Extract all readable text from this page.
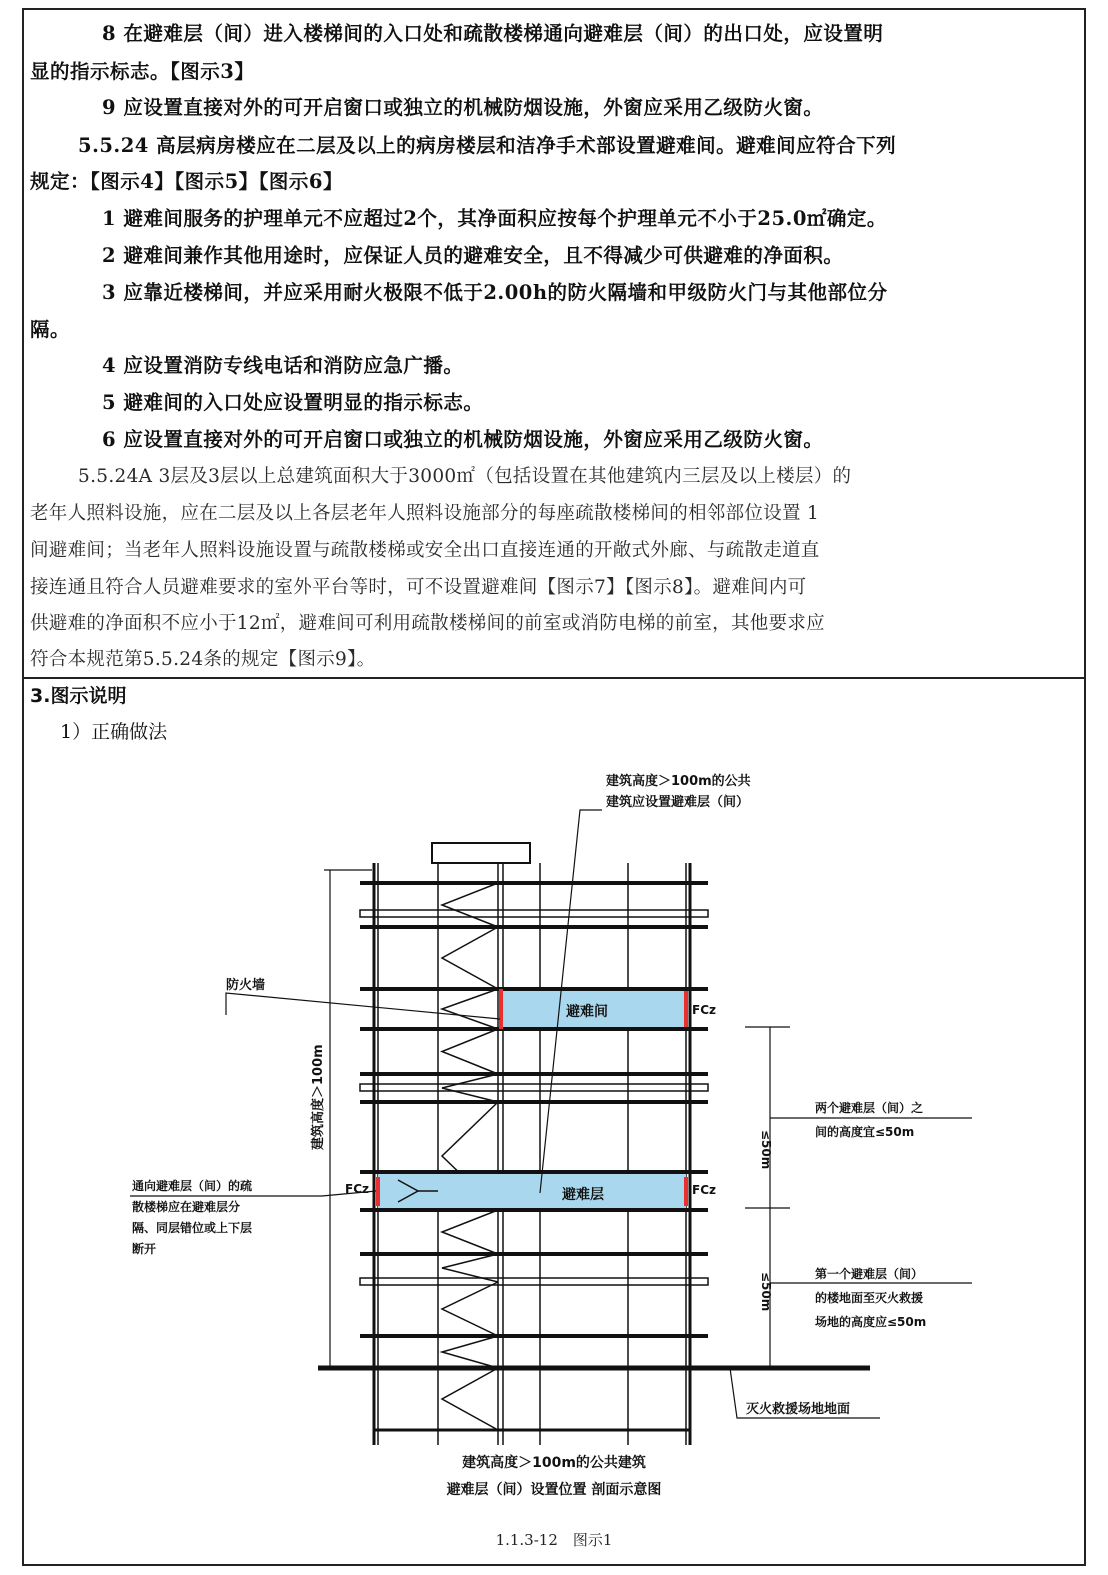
8 在避难层（间）进入楼梯间的入口处和疏散楼梯通向避难层（间）的出口处，应设置明
显的指示标志。【图示3】
9 应设置直接对外的可开启窗口或独立的机械防烟设施，外窗应采用乙级防火窗。
5.5.24 高层病房楼应在二层及以上的病房楼层和洁净手术部设置避难间。避难间应符合下列
规定：【图示4】【图示5】【图示6】
1 避难间服务的护理单元不应超过2个，其净面积应按每个护理单元不小于25.0㎡确定。
2 避难间兼作其他用途时，应保证人员的避难安全，且不得减少可供避难的净面积。
3 应靠近楼梯间，并应采用耐火极限不低于2.00h的防火隔墙和甲级防火门与其他部位分
隔。
4 应设置消防专线电话和消防应急广播。
5 避难间的入口处应设置明显的指示标志。
6 应设置直接对外的可开启窗口或独立的机械防烟设施，外窗应采用乙级防火窗。
5.5.24A 3层及3层以上总建筑面积大于3000㎡（包括设置在其他建筑内三层及以上楼层）的
老年人照料设施，应在二层及以上各层老年人照料设施部分的每座疏散楼梯间的相邻部位设置 1
间避难间；当老年人照料设施设置与疏散楼梯或安全出口直接连通的开敞式外廊、与疏散走道直
接连通且符合人员避难要求的室外平台等时，可不设置避难间【图示7】【图示8】。避难间内可
供避难的净面积不应小于12㎡，避难间可利用疏散楼梯间的前室或消防电梯的前室，其他要求应
符合本规范第5.5.24条的规定【图示9】。
3.图示说明
1）正确做法
建筑高度＞100m	≤50m
≤50m
建筑高度＞100m的公共
建筑应设置避难层（间）
防火墙
避难间
避难层
FCz
FCz
FCz
通向避难层（间）的疏
散楼梯应在避难层分
隔、同层错位或上下层
断开
两个避难层（间）之
间的高度宜≤50m
第一个避难层（间）
的楼地面至灭火救援
场地的高度应≤50m
灭火救援场地地面
建筑高度＞100m的公共建筑
避难层（间）设置位置 剖面示意图
1.1.3-12　图示1
